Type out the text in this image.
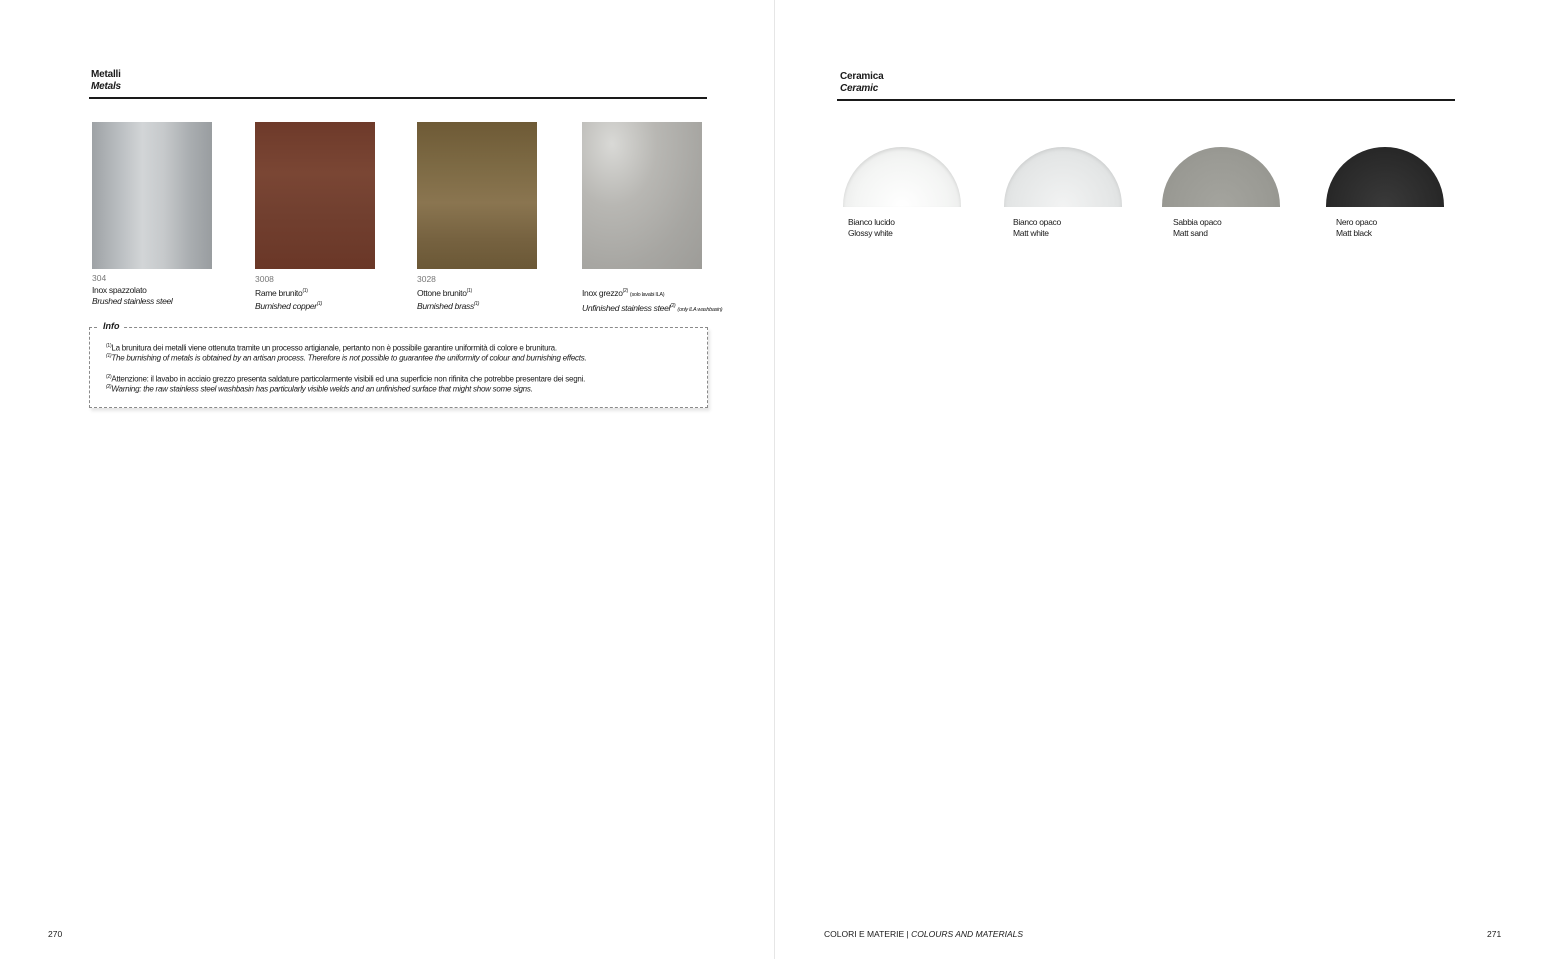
Metalli
Metals
304
Inox spazzolato
Brushed stainless steel
3008
Rame brunito$^{(1)}$
Burnished copper$^{(1)}$
3028
Ottone brunito$^{(1)}$
Burnished brass$^{(1)}$
Inox grezzo$^{(2)}$ (solo lavabi ILA)
Unfinished stainless steel$^{(2)}$ (only ILA washbasin)
Info
$^{(1)}$La brunitura dei metalli viene ottenuta tramite un processo artigianale, pertanto non è possibile garantire uniformità di colore e brunitura.
$^{(1)}$The burnishing of metals is obtained by an artisan process. Therefore is not possible to guarantee the uniformity of colour and burnishing effects.
$^{(2)}$Attenzione: il lavabo in acciaio grezzo presenta saldature particolarmente visibili ed una superficie non rifinita che potrebbe presentare dei segni.
$^{(2)}$Warning: the raw stainless steel washbasin has particularly visible welds and an unfinished surface that might show some signs.
Ceramica
Ceramic
Bianco lucido
Glossy white
Bianco opaco
Matt white
Sabbia opaco
Matt sand
Nero opaco
Matt black
270	COLORI E MATERIE | COLOURS AND MATERIALS	271
